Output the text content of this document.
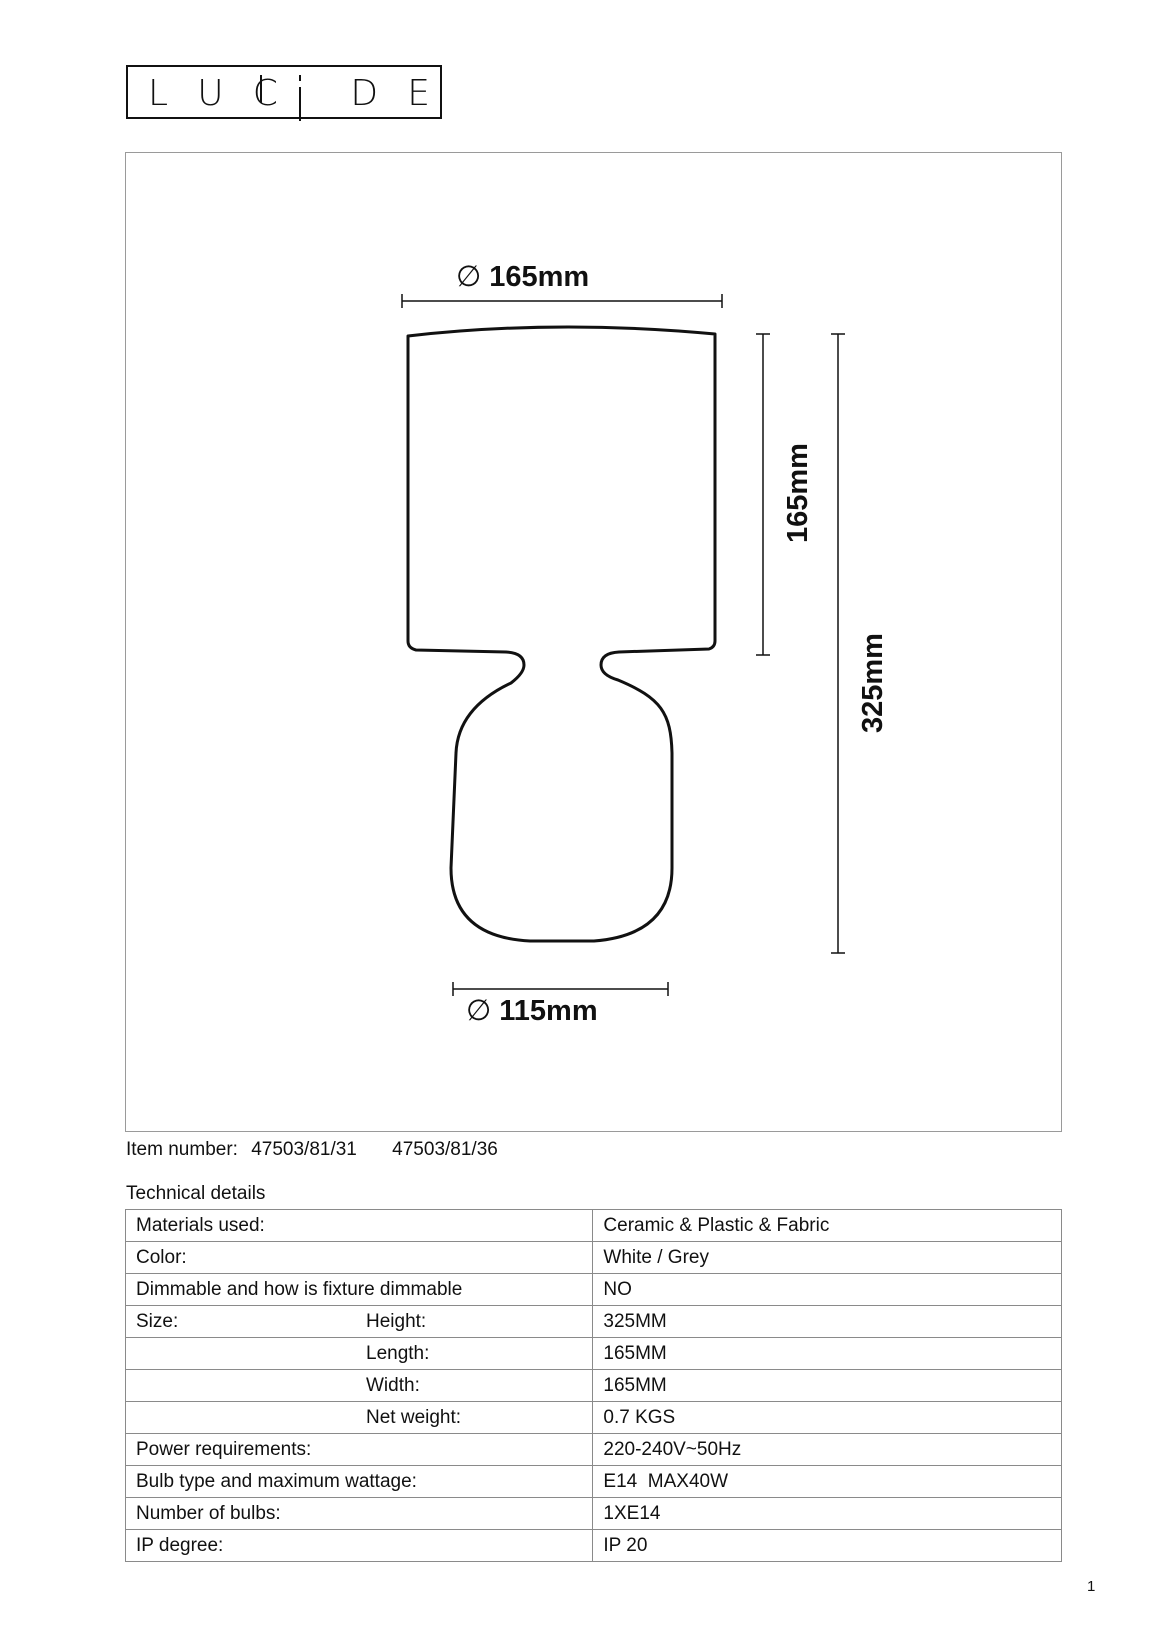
L U C D E
∅ 165mm
∅ 115mm
165mm
325mm
Item number: 47503/81/31 47503/81/36
Technical details
Materials used:	Ceramic & Plastic & Fabric

Color:	White / Grey

Dimmable and how is fixture dimmable	NO

Size: Height:	325MM

Length:	165MM

Width:	165MM

Net weight:	0.7 KGS

Power requirements:	220-240V~50Hz

Bulb type and maximum wattage:	E14  MAX40W

Number of bulbs:	1XE14

IP degree:	IP 20
1
